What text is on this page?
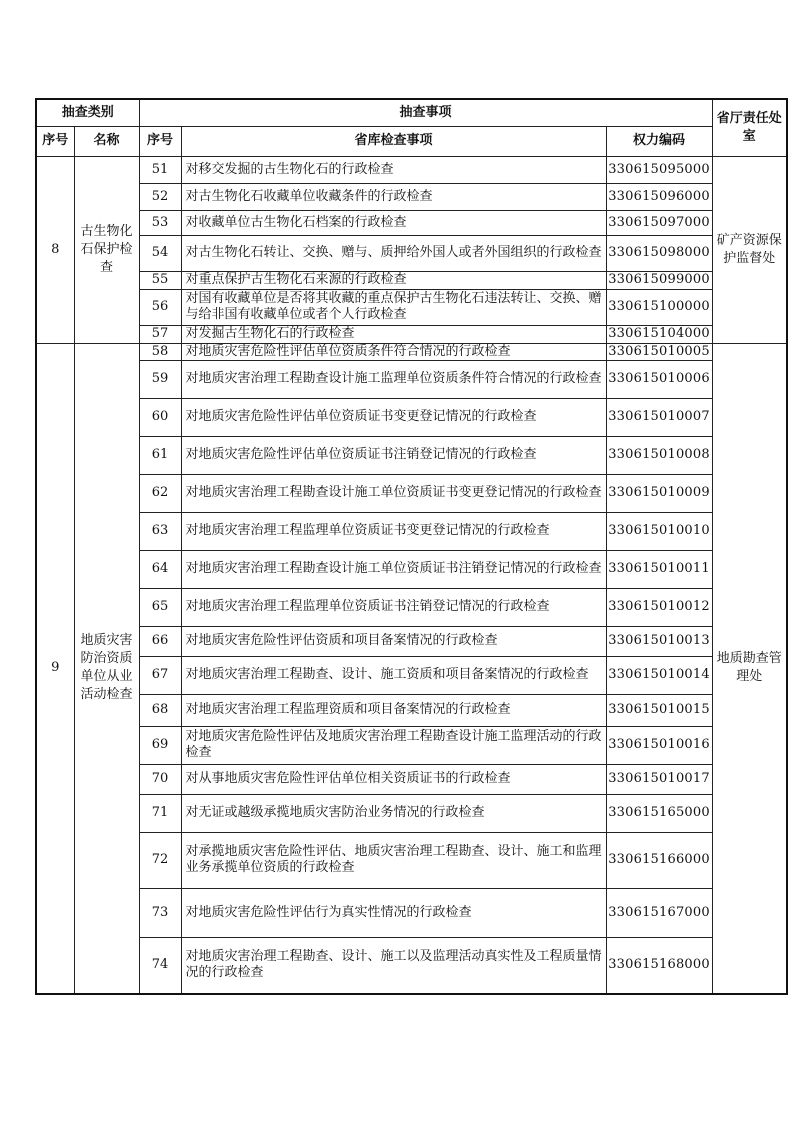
抽查类别		抽查事项			省厅责任处室
序号	名称	序号	省库检查事项	权力编码	
8	古生物化石保护检查	51	对移交发掘的古生物化石的行政检查	330615095000	矿产资源保护监督处
		52	对古生物化石收藏单位收藏条件的行政检查	330615096000	
		53	对收藏单位古生物化石档案的行政检查	330615097000	
		54	对古生物化石转让、交换、赠与、质押给外国人或者外国组织的行政检查	330615098000	
		55	对重点保护古生物化石来源的行政检查	330615099000	
		56	对国有收藏单位是否将其收藏的重点保护古生物化石违法转让、交换、赠与给非国有收藏单位或者个人行政检查	330615100000	
		57	对发掘古生物化石的行政检查	330615104000	
9	地质灾害防治资质单位从业活动检查	58	对地质灾害危险性评估单位资质条件符合情况的行政检查	330615010005	地质勘查管理处
		59	对地质灾害治理工程勘查设计施工监理单位资质条件符合情况的行政检查	330615010006	
		60	对地质灾害危险性评估单位资质证书变更登记情况的行政检查	330615010007	
		61	对地质灾害危险性评估单位资质证书注销登记情况的行政检查	330615010008	
		62	对地质灾害治理工程勘查设计施工单位资质证书变更登记情况的行政检查	330615010009	
		63	对地质灾害治理工程监理单位资质证书变更登记情况的行政检查	330615010010	
		64	对地质灾害治理工程勘查设计施工单位资质证书注销登记情况的行政检查	330615010011	
		65	对地质灾害治理工程监理单位资质证书注销登记情况的行政检查	330615010012	
		66	对地质灾害危险性评估资质和项目备案情况的行政检查	330615010013	
		67	对地质灾害治理工程勘查、设计、施工资质和项目备案情况的行政检查	330615010014	
		68	对地质灾害治理工程监理资质和项目备案情况的行政检查	330615010015	
		69	对地质灾害危险性评估及地质灾害治理工程勘查设计施工监理活动的行政检查	330615010016	
		70	对从事地质灾害危险性评估单位相关资质证书的行政检查	330615010017	
		71	对无证或越级承揽地质灾害防治业务情况的行政检查	330615165000	
		72	对承揽地质灾害危险性评估、地质灾害治理工程勘查、设计、施工和监理业务承揽单位资质的行政检查	330615166000	
		73	对地质灾害危险性评估行为真实性情况的行政检查	330615167000	
		74	对地质灾害治理工程勘查、设计、施工以及监理活动真实性及工程质量情况的行政检查	330615168000	
